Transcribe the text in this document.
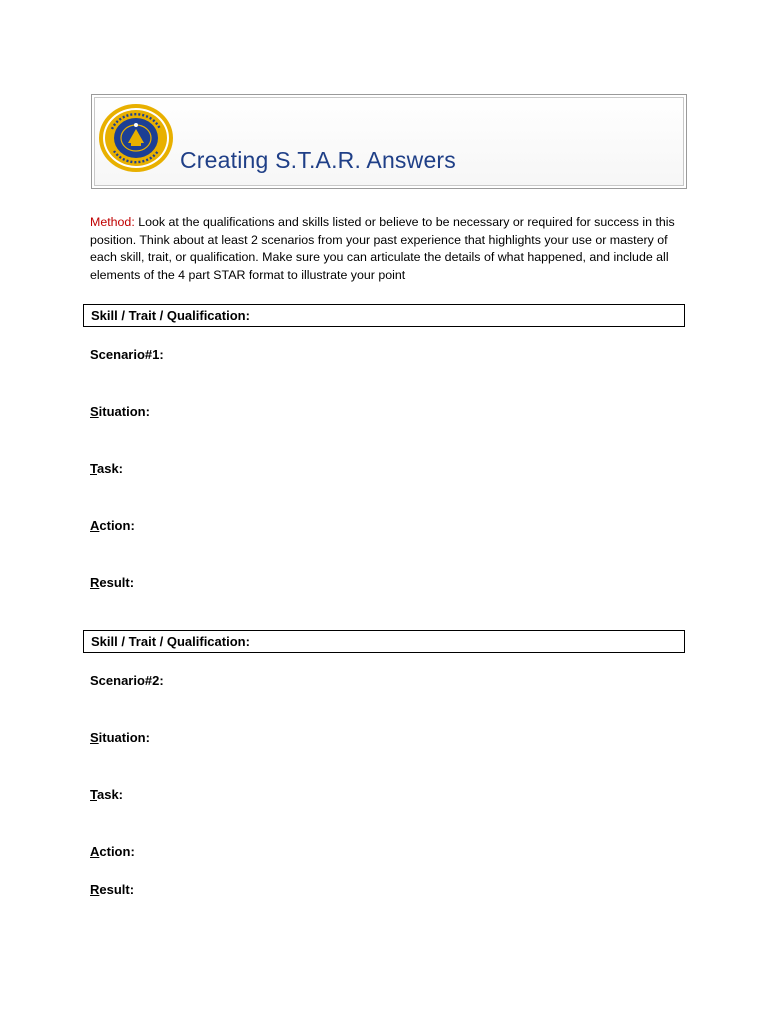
Creating S.T.A.R. Answers
Method: Look at the qualifications and skills listed or believe to be necessary or required for success in this position. Think about at least 2 scenarios from your past experience that highlights your use or mastery of each skill, trait, or qualification. Make sure you can articulate the details of what happened, and include all elements of the 4 part STAR format to illustrate your point
Skill / Trait / Qualification:
Scenario#1:
Situation:
Task:
Action:
Result:
Skill / Trait / Qualification:
Scenario#2:
Situation:
Task:
Action:
Result:
